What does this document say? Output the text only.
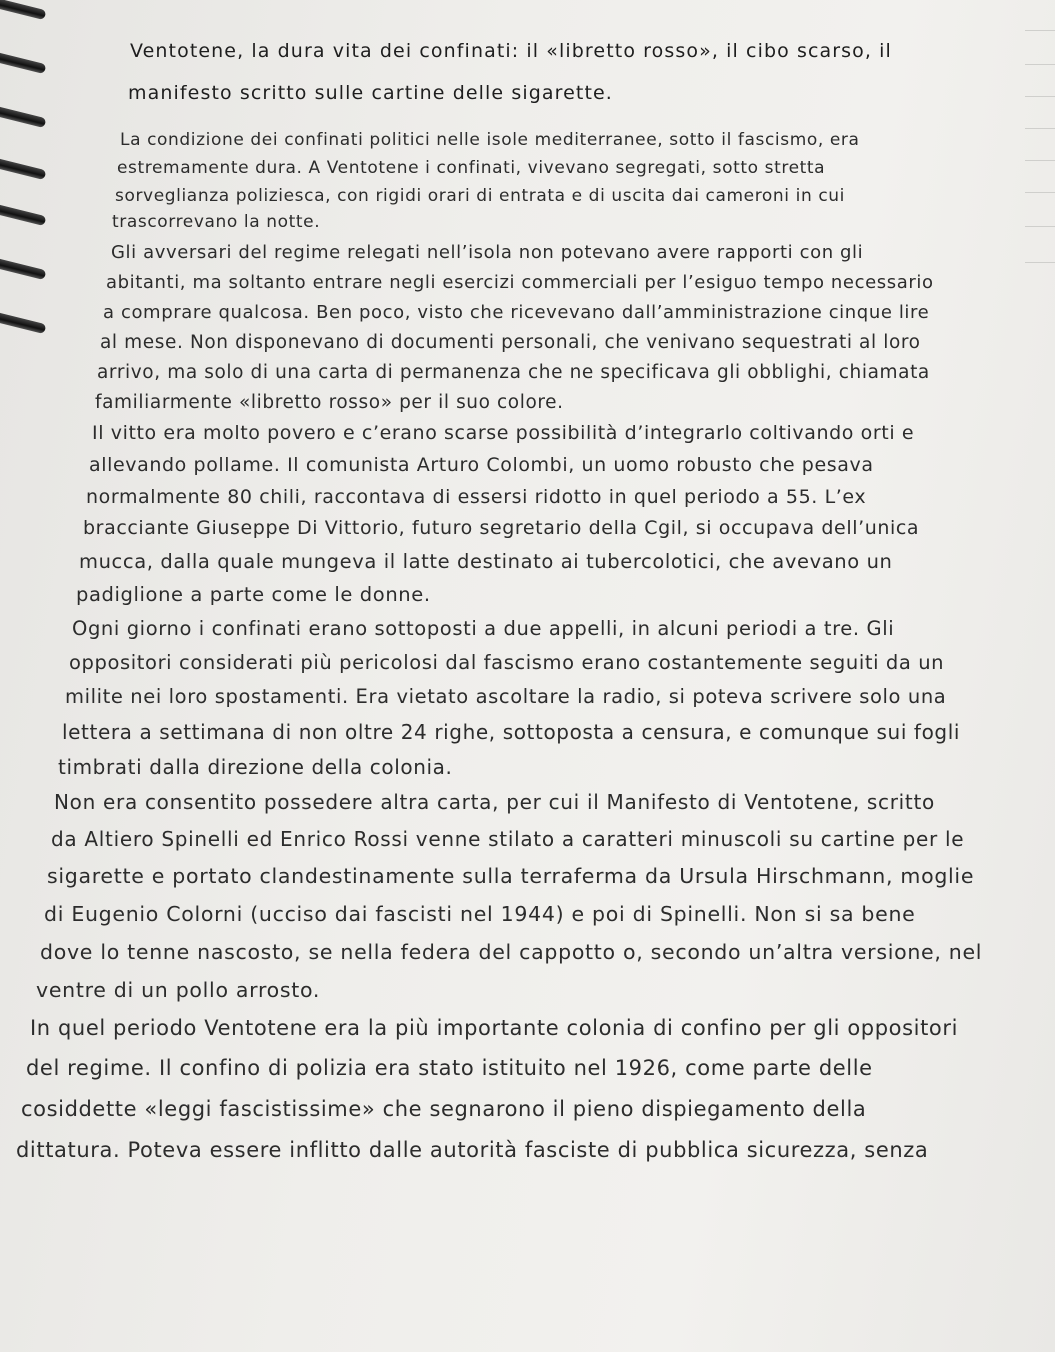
Ventotene, la dura vita dei confinati: il «libretto rosso», il cibo scarso, il
manifesto scritto sulle cartine delle sigarette.
La condizione dei confinati politici nelle isole mediterranee, sotto il fascismo, era
estremamente dura. A Ventotene i confinati, vivevano segregati, sotto stretta
sorveglianza poliziesca, con rigidi orari di entrata e di uscita dai cameroni in cui
trascorrevano la notte.
Gli avversari del regime relegati nell’isola non potevano avere rapporti con gli
abitanti, ma soltanto entrare negli esercizi commerciali per l’esiguo tempo necessario
a comprare qualcosa. Ben poco, visto che ricevevano dall’amministrazione cinque lire
al mese. Non disponevano di documenti personali, che venivano sequestrati al loro
arrivo, ma solo di una carta di permanenza che ne specificava gli obblighi, chiamata
familiarmente «libretto rosso» per il suo colore.
Il vitto era molto povero e c’erano scarse possibilità d’integrarlo coltivando orti e
allevando pollame. Il comunista Arturo Colombi, un uomo robusto che pesava
normalmente 80 chili, raccontava di essersi ridotto in quel periodo a 55. L’ex
bracciante Giuseppe Di Vittorio, futuro segretario della Cgil, si occupava dell’unica
mucca, dalla quale mungeva il latte destinato ai tubercolotici, che avevano un
padiglione a parte come le donne.
Ogni giorno i confinati erano sottoposti a due appelli, in alcuni periodi a tre. Gli
oppositori considerati più pericolosi dal fascismo erano costantemente seguiti da un
milite nei loro spostamenti. Era vietato ascoltare la radio, si poteva scrivere solo una
lettera a settimana di non oltre 24 righe, sottoposta a censura, e comunque sui fogli
timbrati dalla direzione della colonia.
Non era consentito possedere altra carta, per cui il Manifesto di Ventotene, scritto
da Altiero Spinelli ed Enrico Rossi venne stilato a caratteri minuscoli su cartine per le
sigarette e portato clandestinamente sulla terraferma da Ursula Hirschmann, moglie
di Eugenio Colorni (ucciso dai fascisti nel 1944) e poi di Spinelli. Non si sa bene
dove lo tenne nascosto, se nella federa del cappotto o, secondo un’altra versione, nel
ventre di un pollo arrosto.
In quel periodo Ventotene era la più importante colonia di confino per gli oppositori
del regime. Il confino di polizia era stato istituito nel 1926, come parte delle
cosiddette «leggi fascistissime» che segnarono il pieno dispiegamento della
dittatura. Poteva essere inflitto dalle autorità fasciste di pubblica sicurezza, senza
